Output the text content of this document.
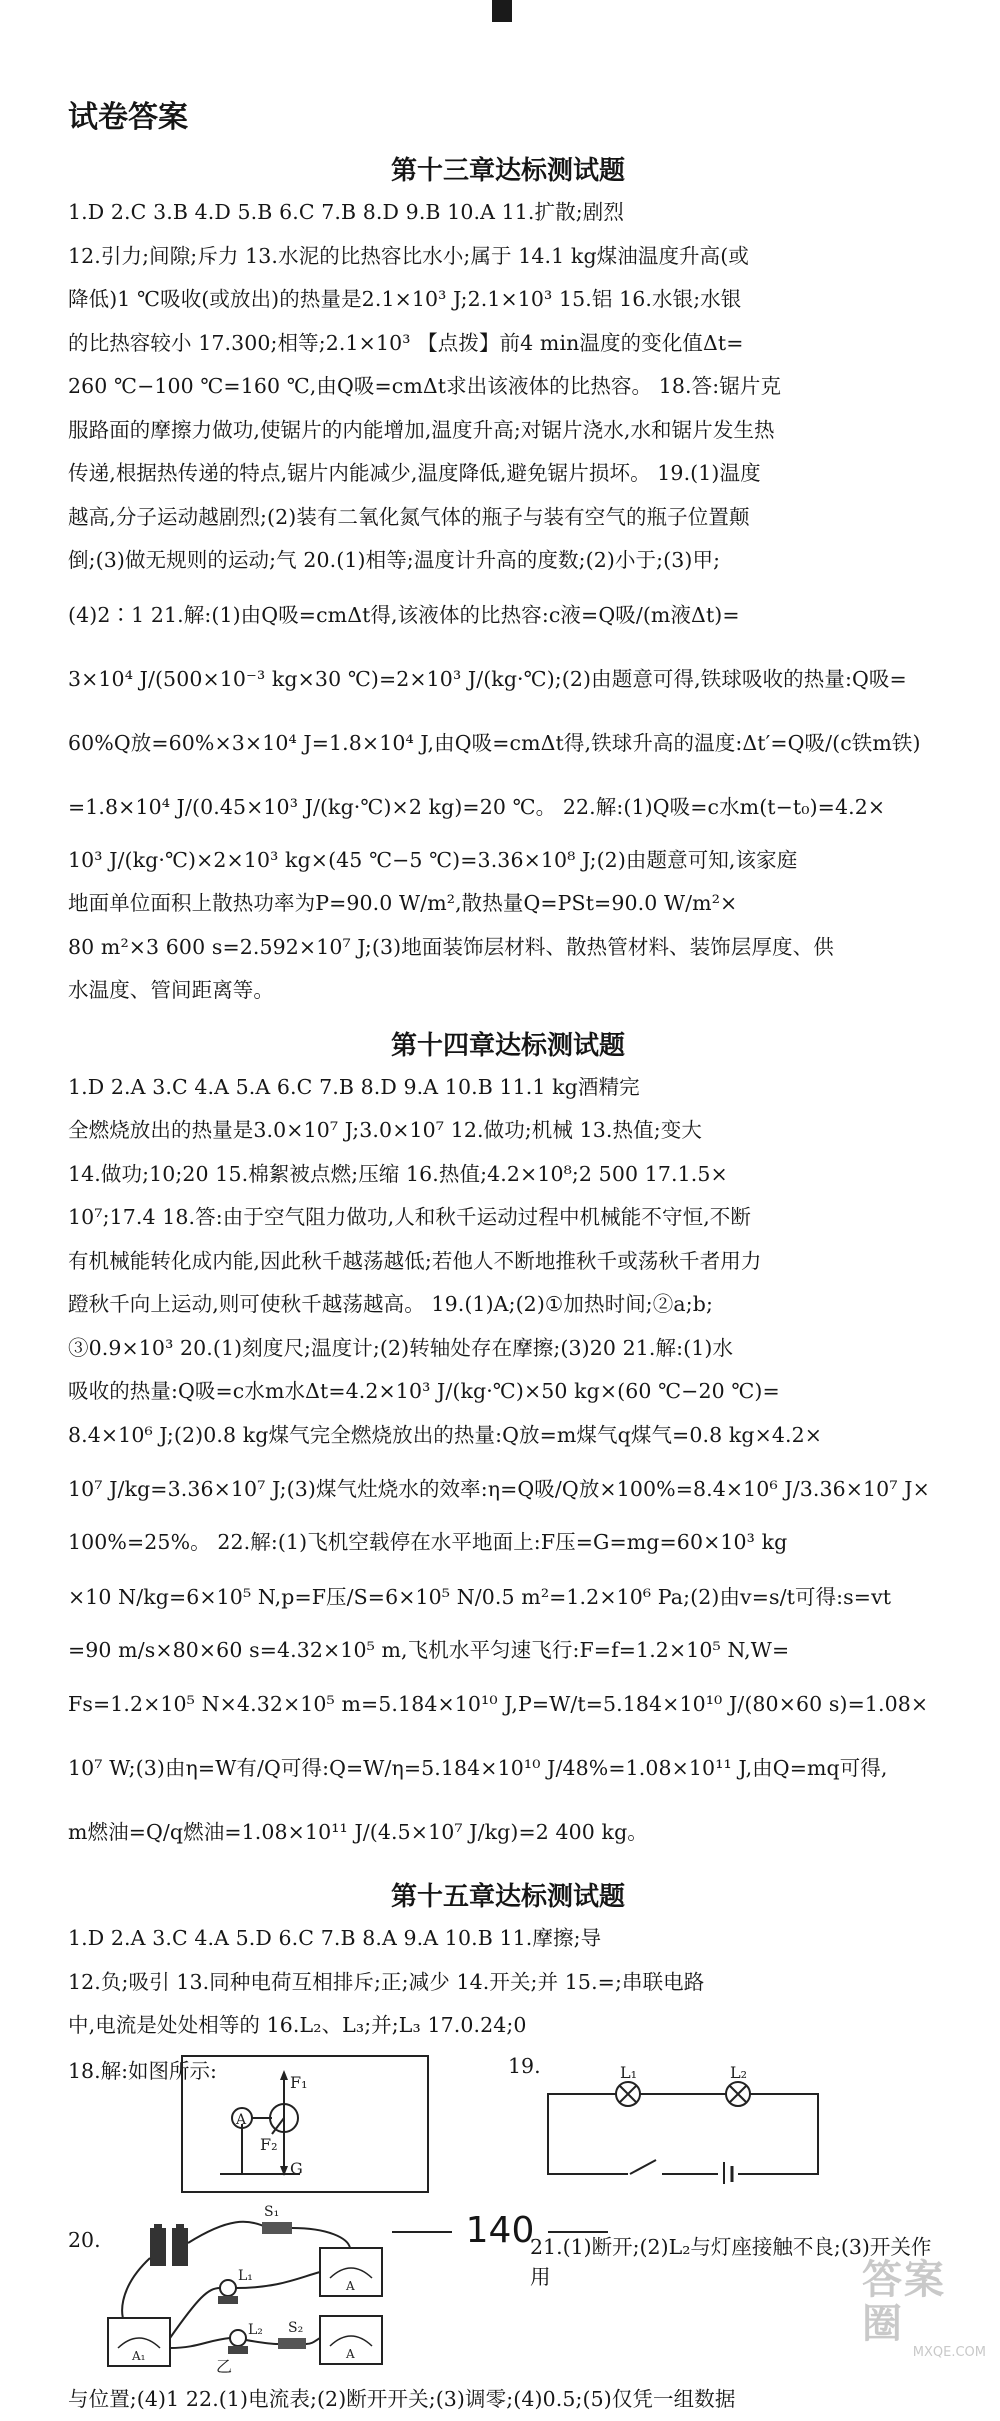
试卷答案
第十三章达标测试题
1.D 2.C 3.B 4.D 5.B 6.C 7.B 8.D 9.B 10.A 11.扩散;剧烈
12.引力;间隙;斥力 13.水泥的比热容比水小;属于 14.1 kg煤油温度升高(或
降低)1 ℃吸收(或放出)的热量是2.1×10³ J;2.1×10³ 15.铝 16.水银;水银
的比热容较小 17.300;相等;2.1×10³ 【点拨】前4 min温度的变化值Δt=
260 ℃−100 ℃=160 ℃,由Q吸=cmΔt求出该液体的比热容。 18.答:锯片克
服路面的摩擦力做功,使锯片的内能增加,温度升高;对锯片浇水,水和锯片发生热
传递,根据热传递的特点,锯片内能减少,温度降低,避免锯片损坏。 19.(1)温度
越高,分子运动越剧烈;(2)装有二氧化氮气体的瓶子与装有空气的瓶子位置颠
倒;(3)做无规则的运动;气 20.(1)相等;温度计升高的度数;(2)小于;(3)甲;
(4)2∶1 21.解:(1)由Q吸=cmΔt得,该液体的比热容:c液=Q吸/(m液Δt)=
3×10⁴ J/(500×10⁻³ kg×30 ℃)=2×10³ J/(kg·℃);(2)由题意可得,铁球吸收的热量:Q吸=
60%Q放=60%×3×10⁴ J=1.8×10⁴ J,由Q吸=cmΔt得,铁球升高的温度:Δt′=Q吸/(c铁m铁)
=1.8×10⁴ J/(0.45×10³ J/(kg·℃)×2 kg)=20 ℃。 22.解:(1)Q吸=c水m(t−t₀)=4.2×
10³ J/(kg·℃)×2×10³ kg×(45 ℃−5 ℃)=3.36×10⁸ J;(2)由题意可知,该家庭
地面单位面积上散热功率为P=90.0 W/m²,散热量Q=PSt=90.0 W/m²×
80 m²×3 600 s=2.592×10⁷ J;(3)地面装饰层材料、散热管材料、装饰层厚度、供
水温度、管间距离等。
第十四章达标测试题
1.D 2.A 3.C 4.A 5.A 6.C 7.B 8.D 9.A 10.B 11.1 kg酒精完
全燃烧放出的热量是3.0×10⁷ J;3.0×10⁷ 12.做功;机械 13.热值;变大
14.做功;10;20 15.棉絮被点燃;压缩 16.热值;4.2×10⁸;2 500 17.1.5×
10⁷;17.4 18.答:由于空气阻力做功,人和秋千运动过程中机械能不守恒,不断
有机械能转化成内能,因此秋千越荡越低;若他人不断地推秋千或荡秋千者用力
蹬秋千向上运动,则可使秋千越荡越高。 19.(1)A;(2)①加热时间;②a;b;
③0.9×10³ 20.(1)刻度尺;温度计;(2)转轴处存在摩擦;(3)20 21.解:(1)水
吸收的热量:Q吸=c水m水Δt=4.2×10³ J/(kg·℃)×50 kg×(60 ℃−20 ℃)=
8.4×10⁶ J;(2)0.8 kg煤气完全燃烧放出的热量:Q放=m煤气q煤气=0.8 kg×4.2×
10⁷ J/kg=3.36×10⁷ J;(3)煤气灶烧水的效率:η=Q吸/Q放×100%=8.4×10⁶ J/3.36×10⁷ J×
100%=25%。 22.解:(1)飞机空载停在水平地面上:F压=G=mg=60×10³ kg
×10 N/kg=6×10⁵ N,p=F压/S=6×10⁵ N/0.5 m²=1.2×10⁶ Pa;(2)由v=s/t可得:s=vt
=90 m/s×80×60 s=4.32×10⁵ m,飞机水平匀速飞行:F=f=1.2×10⁵ N,W=
Fs=1.2×10⁵ N×4.32×10⁵ m=5.184×10¹⁰ J,P=W/t=5.184×10¹⁰ J/(80×60 s)=1.08×
10⁷ W;(3)由η=W有/Q可得:Q=W/η=5.184×10¹⁰ J/48%=1.08×10¹¹ J,由Q=mq可得,
m燃油=Q/q燃油=1.08×10¹¹ J/(4.5×10⁷ J/kg)=2 400 kg。
第十五章达标测试题
1.D 2.A 3.C 4.A 5.D 6.C 7.B 8.A 9.A 10.B 11.摩擦;导
12.负;吸引 13.同种电荷互相排斥;正;减少 14.开关;并 15.=;串联电路
中,电流是处处相等的 16.L₂、L₃;并;L₃ 17.0.24;0
18.解:如图所示:	F₁
F₂
G
A
19.	L₁	L₂
20.	21.(1)断开;(2)L₂与灯座接触不良;(3)开关作用
S₁
A₁
A
A
L₁
L₂ S₂
乙
与位置;(4)1 22.(1)电流表;(2)断开开关;(3)调零;(4)0.5;(5)仅凭一组数据
140
答案圈
MXQE.COM
